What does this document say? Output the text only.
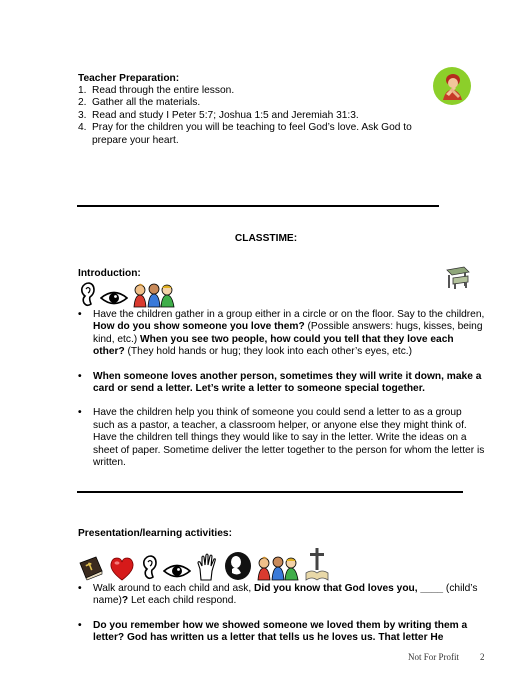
Teacher Preparation:
1. Read through the entire lesson.
2. Gather all the materials.
3. Read and study I Peter 5:7; Joshua 1:5 and Jeremiah 31:3.
4. Pray for the children you will be teaching to feel God’s love. Ask God to prepare your heart.
CLASSTIME:
Introduction:
• Have the children gather in a group either in a circle or on the floor. Say to the children, How do you show someone you love them? (Possible answers: hugs, kisses, being kind, etc.) When you see two people, how could you tell that they love each other? (They hold hands or hug; they look into each other’s eyes, etc.)
• When someone loves another person, sometimes they will write it down, make a card or send a letter. Let’s write a letter to someone special together.
• Have the children help you think of someone you could send a letter to as a group such as a pastor, a teacher, a classroom helper, or anyone else they might think of. Have the children tell things they would like to say in the letter. Write the ideas on a sheet of paper. Sometime deliver the letter together to the person for whom the letter is written.
Presentation/learning activities:
• Walk around to each child and ask, Did you know that God loves you, ____ (child’s name)? Let each child respond.
• Do you remember how we showed someone we loved them by writing them a letter? God has written us a letter that tells us he loves us. That letter He
Not For Profit 2
